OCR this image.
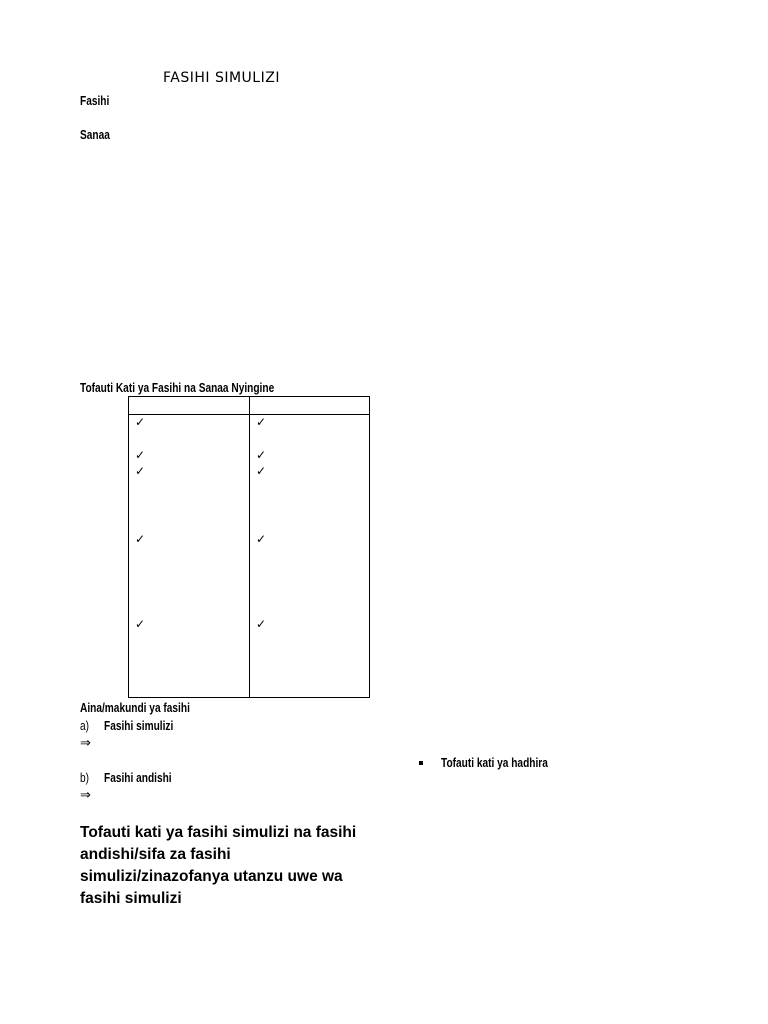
FASIHI SIMULIZI
Fasihi
Sanaa
Tofauti Kati ya Fasihi na Sanaa Nyingine
✓
✓
✓
✓
✓
✓
✓
✓
✓
✓
Aina/makundi ya fasihi
a) Fasihi simulizi
⇒
b) Fasihi andishi
⇒
Tofauti kati ya hadhira
Tofauti kati ya fasihi simulizi na fasihi andishi/sifa za fasihi simulizi/zinazofanya utanzu uwe wa fasihi simulizi
